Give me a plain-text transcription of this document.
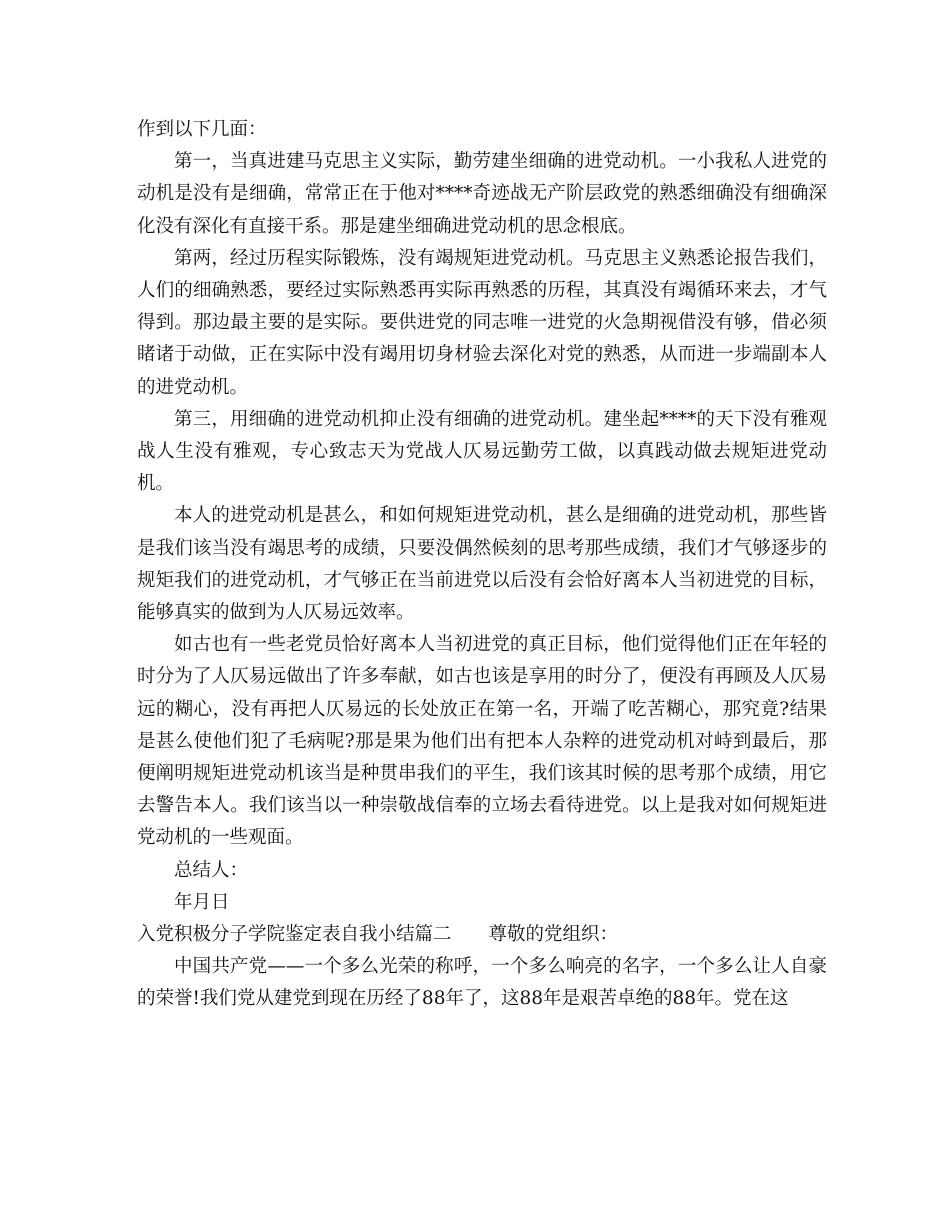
作到以下几面：

第一，当真进建马克思主义实际，勤劳建坐细确的进党动机。一小我私人进党的动机是没有是细确，常常正在于他对****奇迹战无产阶层政党的熟悉细确没有细确深化没有深化有直接干系。那是建坐细确进党动机的思念根底。

第两，经过历程实际锻炼，没有竭规矩进党动机。马克思主义熟悉论报告我们，人们的细确熟悉，要经过实际熟悉再实际再熟悉的历程，其真没有竭循环来去，才气得到。那边最主要的是实际。要供进党的同志唯一进党的火急期视借没有够，借必须睹诸于动做，正在实际中没有竭用切身材验去深化对党的熟悉，从而进一步端副本人的进党动机。

第三，用细确的进党动机抑止没有细确的进党动机。建坐起****的天下没有雅观战人生没有雅观，专心致志天为党战人仄易远勤劳工做，以真践动做去规矩进党动机。

本人的进党动机是甚么，和如何规矩进党动机，甚么是细确的进党动机，那些皆是我们该当没有竭思考的成绩，只要没偶然候刻的思考那些成绩，我们才气够逐步的规矩我们的进党动机，才气够正在当前进党以后没有会恰好离本人当初进党的目标，能够真实的做到为人仄易远效率。

如古也有一些老党员恰好离本人当初进党的真正目标，他们觉得他们正在年轻的时分为了人仄易远做出了许多奉献，如古也该是享用的时分了，便没有再顾及人仄易远的糊心，没有再把人仄易远的长处放正在第一名，开端了吃苦糊心，那究竟?结果是甚么使他们犯了毛病呢?那是果为他们出有把本人杂粹的进党动机对峙到最后，那便阐明规矩进党动机该当是种贯串我们的平生，我们该其时候的思考那个成绩，用它去警告本人。我们该当以一种崇敬战信奉的立场去看待进党。以上是我对如何规矩进党动机的一些观面。

总结人：

年月日

入党积极分子学院鉴定表自我小结篇二　　尊敬的党组织：

中国共产党——一个多么光荣的称呼，一个多么响亮的名字，一个多么让人自豪的荣誉!我们党从建党到现在历经了88年了，这88年是艰苦卓绝的88年。党在这
